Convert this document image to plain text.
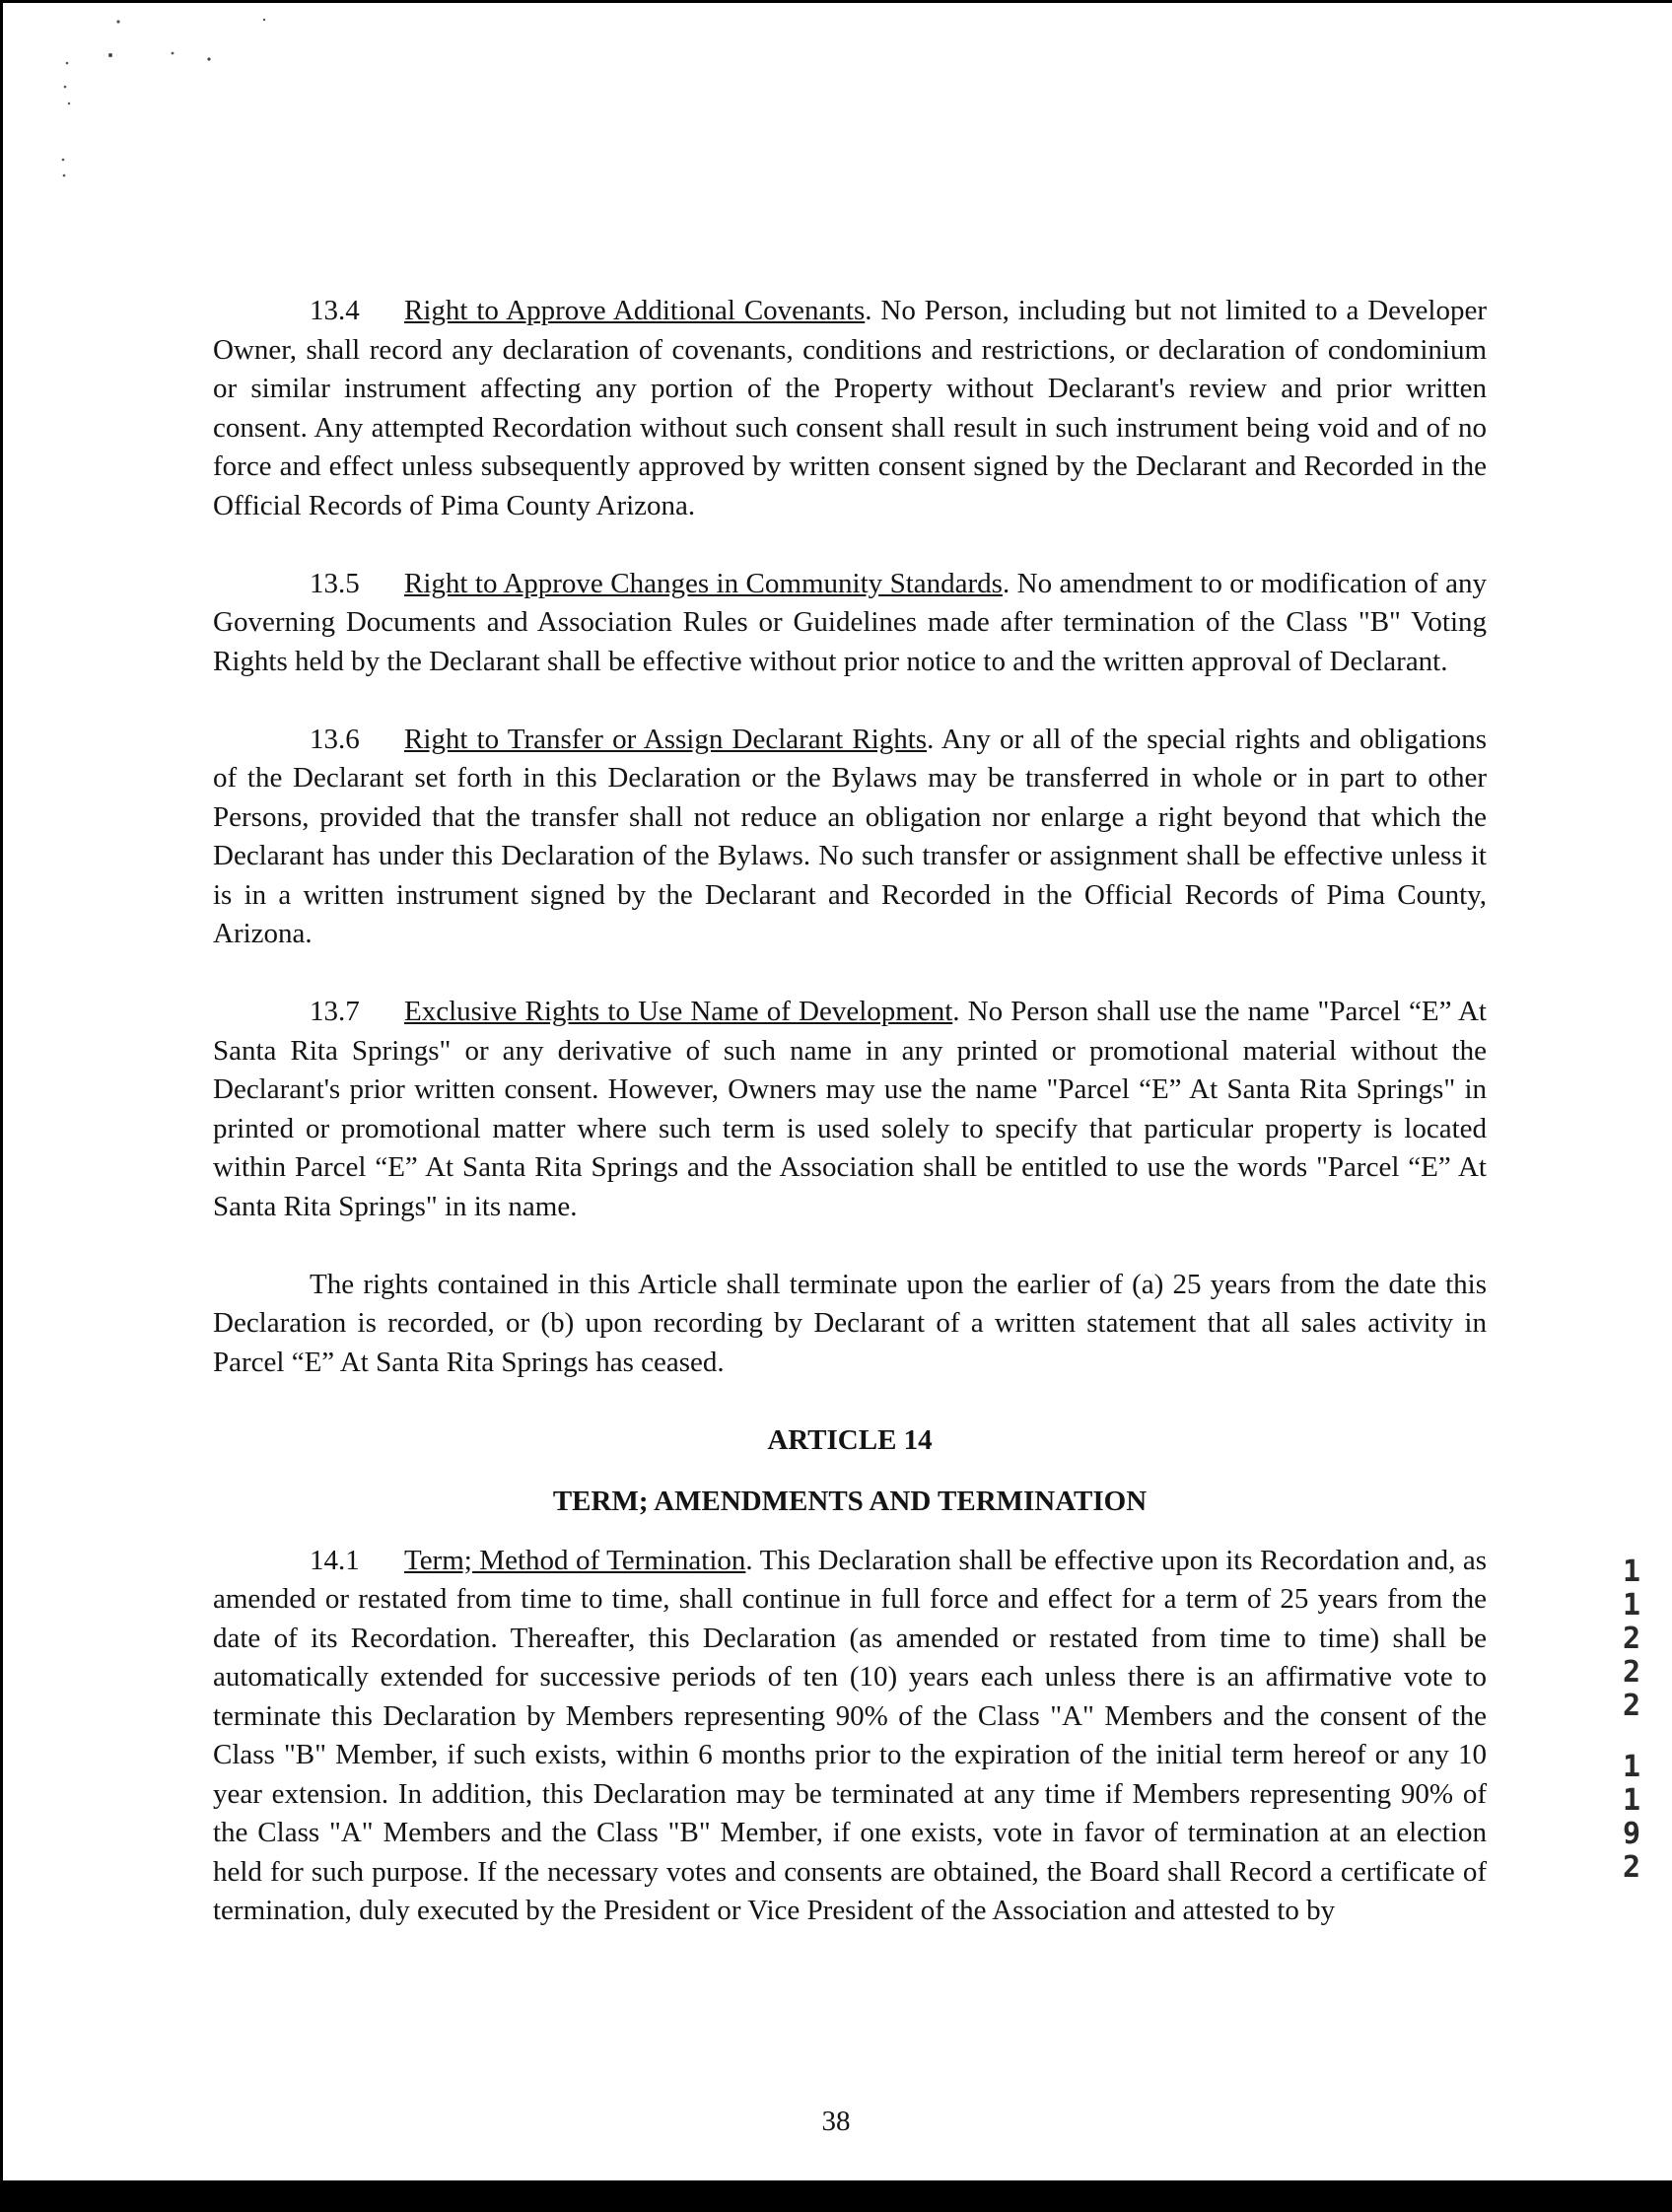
13.4 Right to Approve Additional Covenants. No Person, including but not limited to a Developer Owner, shall record any declaration of covenants, conditions and restrictions, or declaration of condominium or similar instrument affecting any portion of the Property without Declarant's review and prior written consent. Any attempted Recordation without such consent shall result in such instrument being void and of no force and effect unless subsequently approved by written consent signed by the Declarant and Recorded in the Official Records of Pima County Arizona.

13.5 Right to Approve Changes in Community Standards. No amendment to or modification of any Governing Documents and Association Rules or Guidelines made after termination of the Class "B" Voting Rights held by the Declarant shall be effective without prior notice to and the written approval of Declarant.

13.6 Right to Transfer or Assign Declarant Rights. Any or all of the special rights and obligations of the Declarant set forth in this Declaration or the Bylaws may be transferred in whole or in part to other Persons, provided that the transfer shall not reduce an obligation nor enlarge a right beyond that which the Declarant has under this Declaration of the Bylaws. No such transfer or assignment shall be effective unless it is in a written instrument signed by the Declarant and Recorded in the Official Records of Pima County, Arizona.

13.7 Exclusive Rights to Use Name of Development. No Person shall use the name "Parcel “E” At Santa Rita Springs" or any derivative of such name in any printed or promotional material without the Declarant's prior written consent. However, Owners may use the name "Parcel “E” At Santa Rita Springs" in printed or promotional matter where such term is used solely to specify that particular property is located within Parcel “E” At Santa Rita Springs and the Association shall be entitled to use the words "Parcel “E” At Santa Rita Springs" in its name.

The rights contained in this Article shall terminate upon the earlier of (a) 25 years from the date this Declaration is recorded, or (b) upon recording by Declarant of a written statement that all sales activity in Parcel “E” At Santa Rita Springs has ceased.

ARTICLE 14

TERM; AMENDMENTS AND TERMINATION

14.1 Term; Method of Termination. This Declaration shall be effective upon its Recordation and, as amended or restated from time to time, shall continue in full force and effect for a term of 25 years from the date of its Recordation. Thereafter, this Declaration (as amended or restated from time to time) shall be automatically extended for successive periods of ten (10) years each unless there is an affirmative vote to terminate this Declaration by Members representing 90% of the Class "A" Members and the consent of the Class "B" Member, if such exists, within 6 months prior to the expiration of the initial term hereof or any 10 year extension. In addition, this Declaration may be terminated at any time if Members representing 90% of the Class "A" Members and the Class "B" Member, if one exists, vote in favor of termination at an election held for such purpose. If the necessary votes and consents are obtained, the Board shall Record a certificate of termination, duly executed by the President or Vice President of the Association and attested to by

38
1
1
2
2
2
1
1
9
2
